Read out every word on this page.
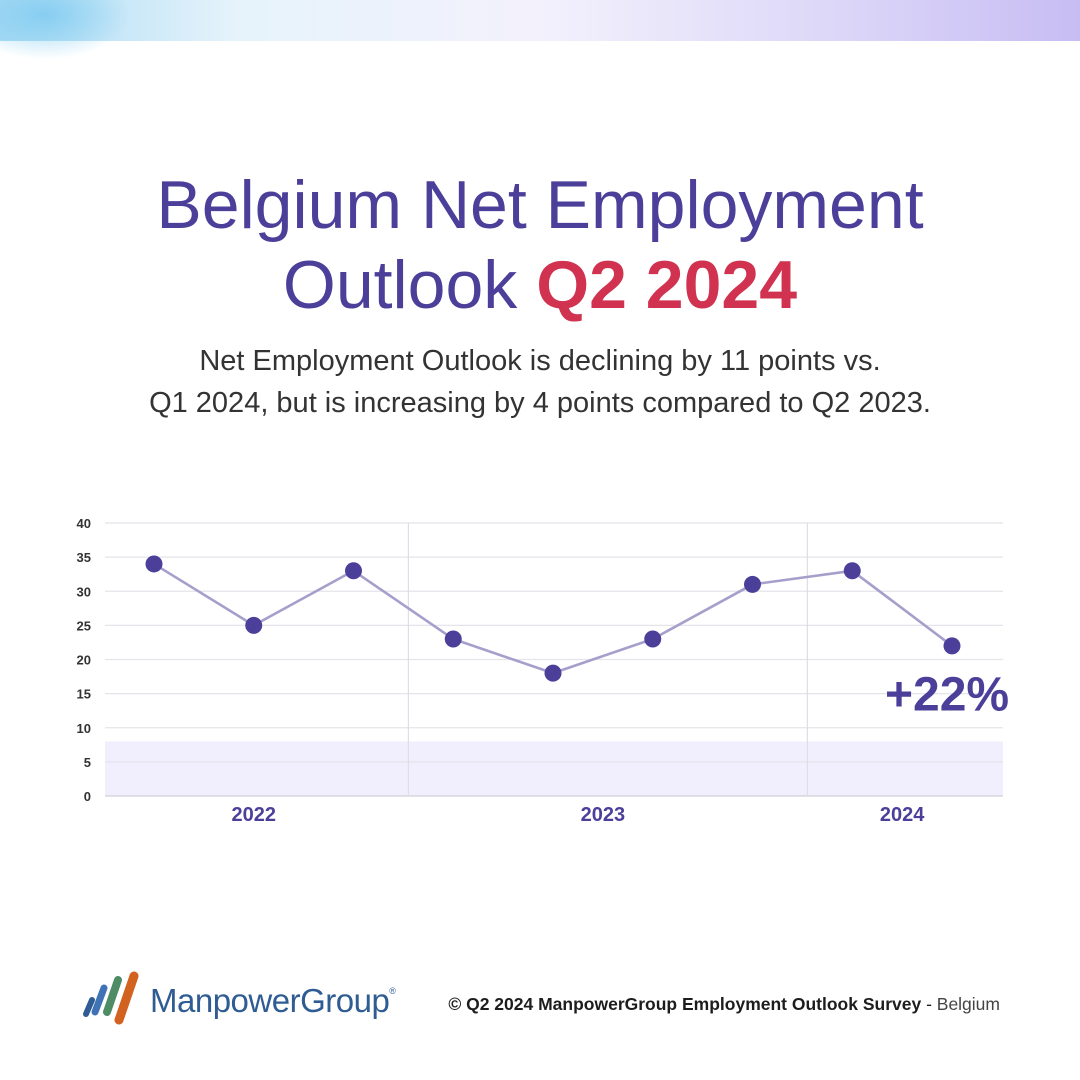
Belgium Net Employment
Outlook Q2 2024
Net Employment Outlook is declining by 11 points vs.
Q1 2024, but is increasing by 4 points compared to Q2 2023.
0
5
10
15
20
25
30
35
40
2022	2023	2024
+22%
ManpowerGroup®
© Q2 2024 ManpowerGroup Employment Outlook Survey - Belgium
